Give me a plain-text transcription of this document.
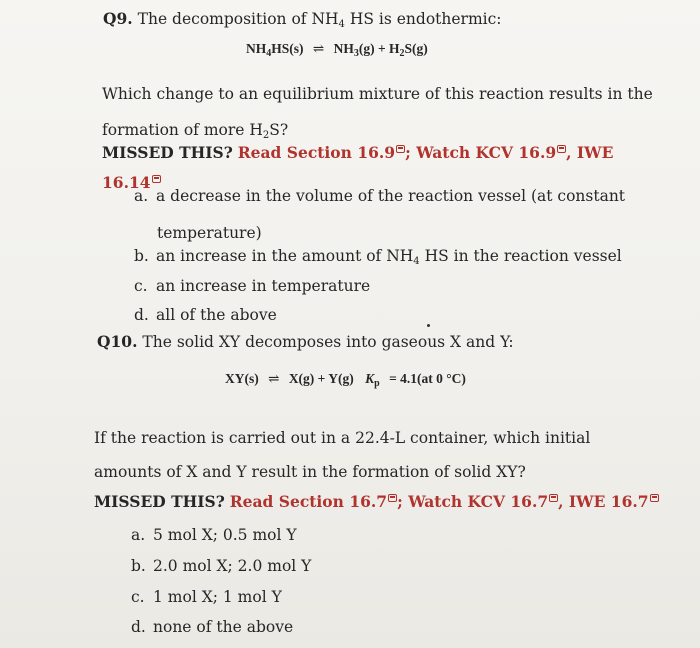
Q9. The decomposition of $NH_4$ HS is endothermic:
$NH_4HS(s)$ ⇌ $NH_3(g) + H_2S(g)$
Which change to an equilibrium mixture of this reaction results in the
formation of more $H_2S$?
MISSED THIS? Read Section 16.9 ; Watch KCV 16.9 , IWE
16.14
a. a decrease in the volume of the reaction vessel (at constant
temperature)
b. an increase in the amount of $NH_4$ HS in the reaction vessel
c. an increase in temperature
d. all of the above
Q10. The solid XY decomposes into gaseous X and Y:
XY(s) ⇌ X(g) + Y(g) $K_p = 4.1(at$ 0 °C)
If the reaction is carried out in a 22.4-L container, which initial
amounts of X and Y result in the formation of solid XY?
MISSED THIS? Read Section 16.7 ; Watch KCV 16.7 , IWE 16.7
a. 5 mol X; 0.5 mol Y
b. 2.0 mol X; 2.0 mol Y
c. 1 mol X; 1 mol Y
d. none of the above
